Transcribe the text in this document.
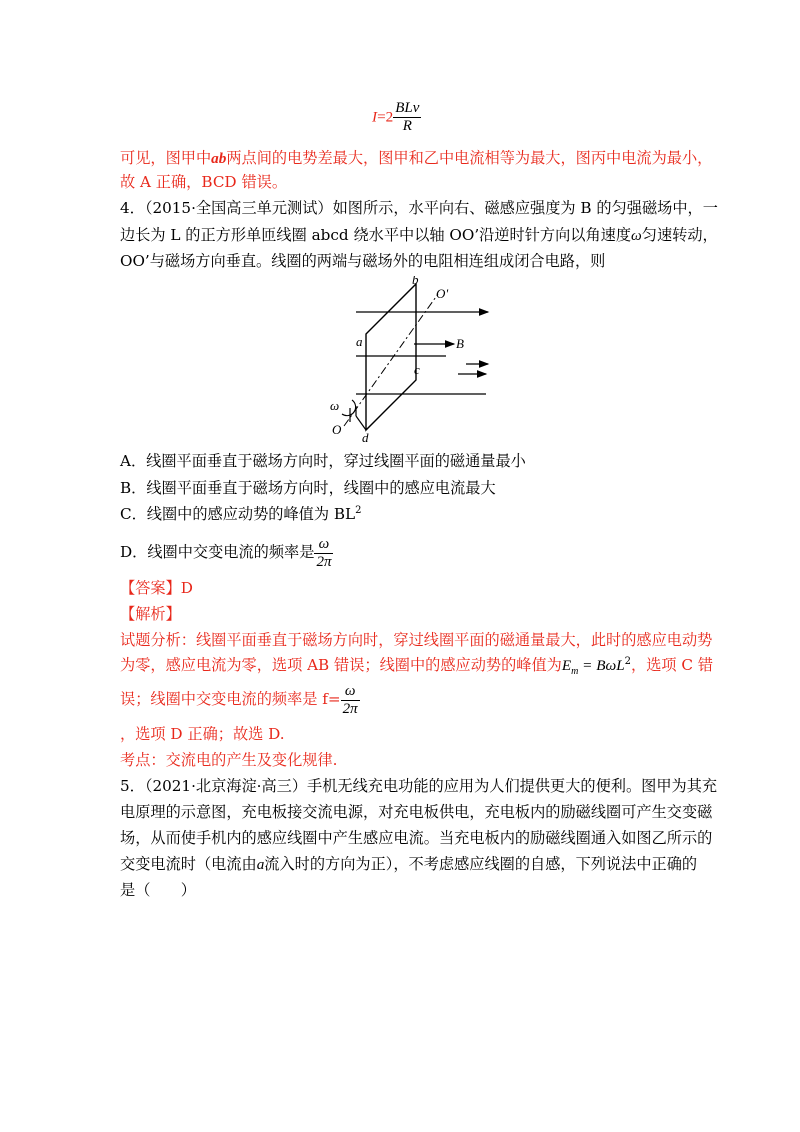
$I=2 \frac{\text{BLv}}{R}$
可见，图甲中ab两点间的电势差最大，图甲和乙中电流相等为最大，图丙中电流为最小，
故 A 正确，BCD 错误。
4．（2015·全国高三单元测试）如图所示，水平向右、磁感应强度为 B 的匀强磁场中，一
边长为 L 的正方形单匝线圈 abcd 绕水平中以轴 OO’沿逆时针方向以角速度ω匀速转动，
OO’与磁场方向垂直。线圈的两端与磁场外的电阻相连组成闭合电路，则
b
O'
a	B
c
ω
O
d
A．线圈平面垂直于磁场方向时，穿过线圈平面的磁通量最小
B．线圈平面垂直于磁场方向时，线圈中的感应电流最大
C．线圈中的感应动势的峰值为 $BL^2$
D．线圈中交变电流的频率是 $\frac{\omega}{2\pi}$
【答案】D
【解析】
试题分析：线圈平面垂直于磁场方向时，穿过线圈平面的磁通量最大，此时的感应电动势
为零，感应电流为零，选项 AB 错误；线圈中的感应动势的峰值为$E_m = B\omega L^2$，选项 C 错
误；线圈中交变电流的频率是 $f= \frac{\omega}{2\pi}$
，选项 D 正确；故选 D.
考点：交流电的产生及变化规律.
5．（2021·北京海淀·高三）手机无线充电功能的应用为人们提供更大的便利。图甲为其充
电原理的示意图，充电板接交流电源，对充电板供电，充电板内的励磁线圈可产生交变磁
场，从而使手机内的感应线圈中产生感应电流。当充电板内的励磁线圈通入如图乙所示的
交变电流时（电流由a流入时的方向为正），不考虑感应线圈的自感，下列说法中正确的
是（　　）
